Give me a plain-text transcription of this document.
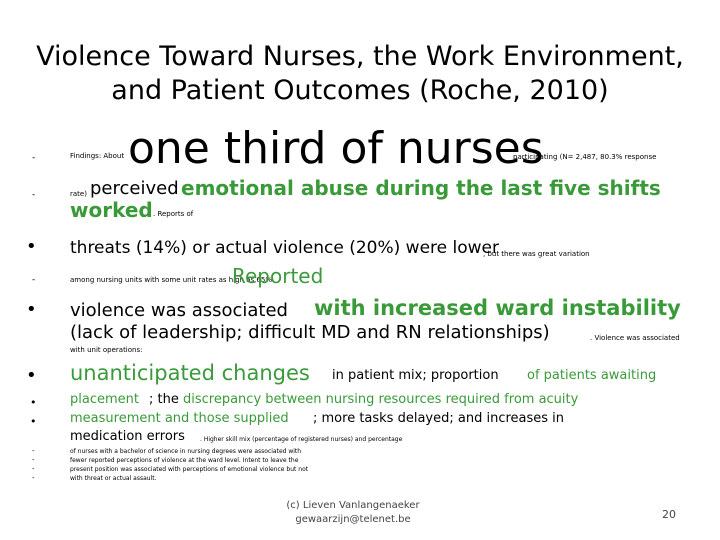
Violence Toward Nurses, the Work Environment,
and Patient Outcomes (Roche, 2010)
-	Findings: About one third of nurses
participating (N= 2,487, 80.3% response
-	rate) perceived emotional abuse during the last five shifts
worked . Reports of
• threats (14%) or actual violence (20%) were lower
, but there was great variation
-	among nursing units with some unit rates as high as 65%.
Reported
• violence was associated with increased ward instability
(lack of leadership; difficult MD and RN relationships)	. Violence was associated
with unit operations:
• unanticipated changes in patient mix; proportion of patients awaiting
•	placement ; the discrepancy between nursing resources required from acuity
•	measurement and those supplied ; more tasks delayed; and increases in
medication errors	. Higher skill mix (percentage of registered nurses) and percentage
-	of nurses with a bachelor of science in nursing degrees were associated with
-	fewer reported perceptions of violence at the ward level. Intent to leave the
-	present position was associated with perceptions of emotional violence but not
-	with threat or actual assault.
(c) Lieven Vanlangenaeker
gewaarzijn@telenet.be	20
